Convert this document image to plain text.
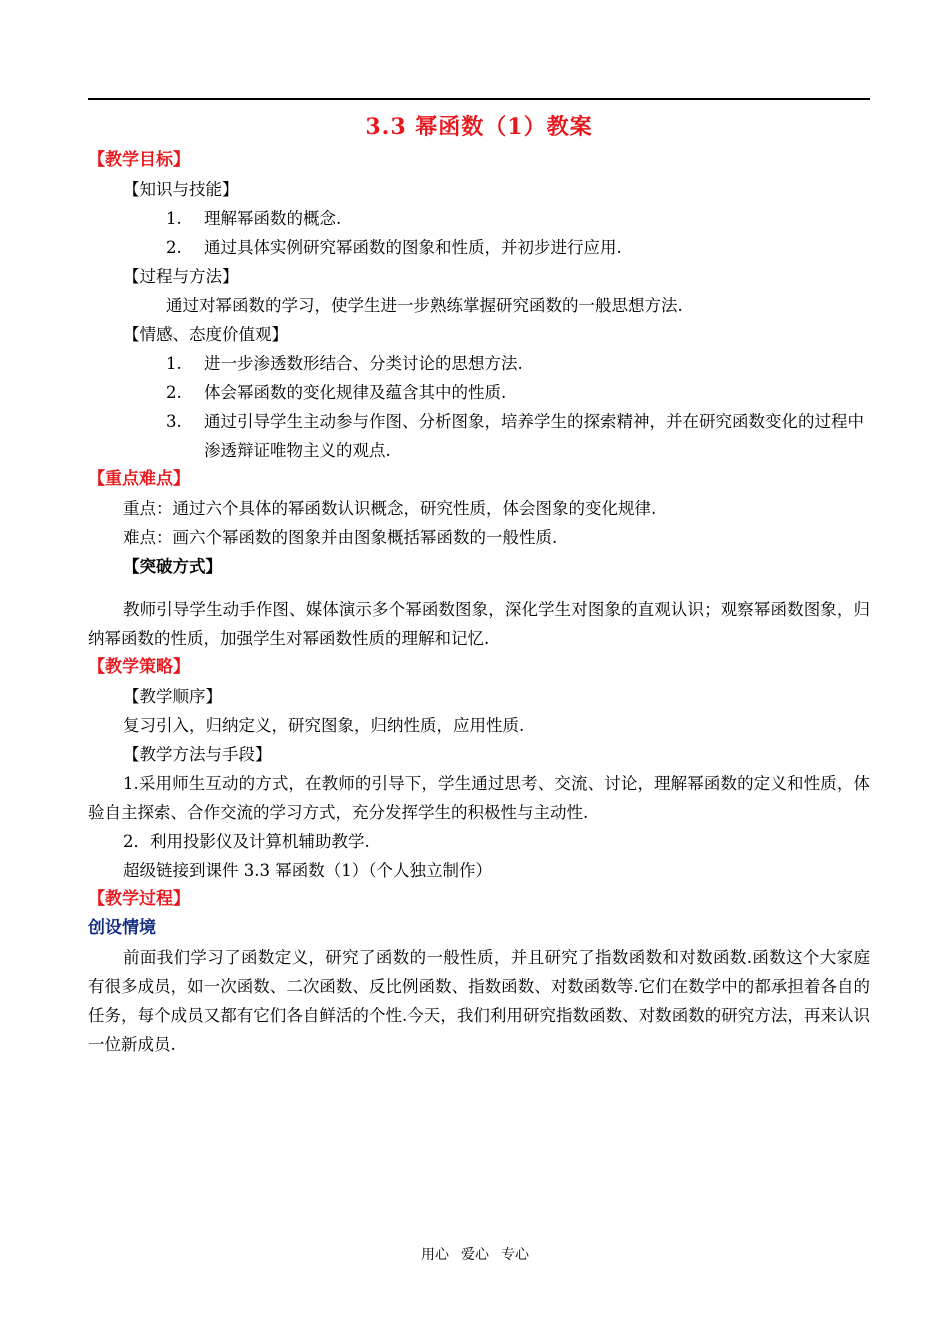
3.3 幂函数（1）教案
【教学目标】
【知识与技能】
1.	理解幂函数的概念.
2.	通过具体实例研究幂函数的图象和性质，并初步进行应用.
【过程与方法】
通过对幂函数的学习，使学生进一步熟练掌握研究函数的一般思想方法.
【情感、态度价值观】
1.	进一步渗透数形结合、分类讨论的思想方法.
2.	体会幂函数的变化规律及蕴含其中的性质.
3.	通过引导学生主动参与作图、分析图象，培养学生的探索精神，并在研究函数变化的过程中渗透辩证唯物主义的观点.
【重点难点】
重点：通过六个具体的幂函数认识概念，研究性质，体会图象的变化规律.
难点：画六个幂函数的图象并由图象概括幂函数的一般性质.
【突破方式】
教师引导学生动手作图、媒体演示多个幂函数图象，深化学生对图象的直观认识；观察幂函数图象，归纳幂函数的性质，加强学生对幂函数性质的理解和记忆.
【教学策略】
【教学顺序】
复习引入，归纳定义，研究图象，归纳性质，应用性质.
【教学方法与手段】
1.采用师生互动的方式，在教师的引导下，学生通过思考、交流、讨论，理解幂函数的定义和性质，体验自主探索、合作交流的学习方式，充分发挥学生的积极性与主动性.
2．利用投影仪及计算机辅助教学.
超级链接到课件 3.3 幂函数（1）（个人独立制作）
【教学过程】
创设情境
前面我们学习了函数定义，研究了函数的一般性质，并且研究了指数函数和对数函数.函数这个大家庭有很多成员，如一次函数、二次函数、反比例函数、指数函数、对数函数等.它们在数学中的都承担着各自的任务，每个成员又都有它们各自鲜活的个性.今天，我们利用研究指数函数、对数函数的研究方法，再来认识一位新成员.
用心 爱心 专心
